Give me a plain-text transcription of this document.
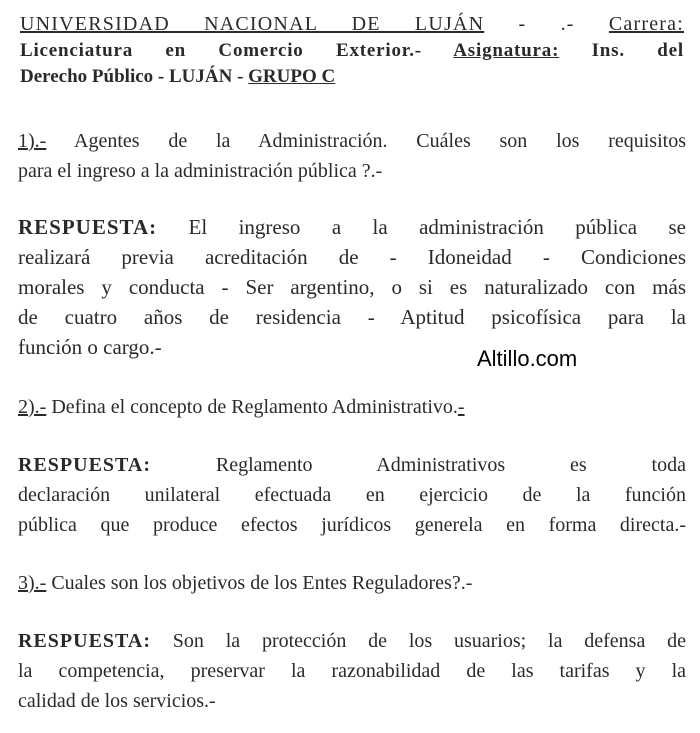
UNIVERSIDAD NACIONAL DE LUJÁN - .- Carrera:
Licenciatura en Comercio Exterior.- Asignatura: Ins. del
Derecho Público - LUJÁN - GRUPO C
1).- Agentes de la Administración. Cuáles son los requisitos
para el ingreso a la administración pública ?.-
RESPUESTA: El ingreso a la administración pública se
realizará previa acreditación de - Idoneidad - Condiciones
morales y conducta - Ser argentino, o si es naturalizado con más
de cuatro años de residencia - Aptitud psicofísica para la
función o cargo.-	Altillo.com
2).- Defina el concepto de Reglamento Administrativo.-
RESPUESTA: Reglamento Administrativos es toda
declaración unilateral efectuada en ejercicio de la función
pública que produce efectos jurídicos generela en forma directa.-
3).- Cuales son los objetivos de los Entes Reguladores?.-
RESPUESTA: Son la protección de los usuarios; la defensa de
la competencia, preservar la razonabilidad de las tarifas y la
calidad de los servicios.-
